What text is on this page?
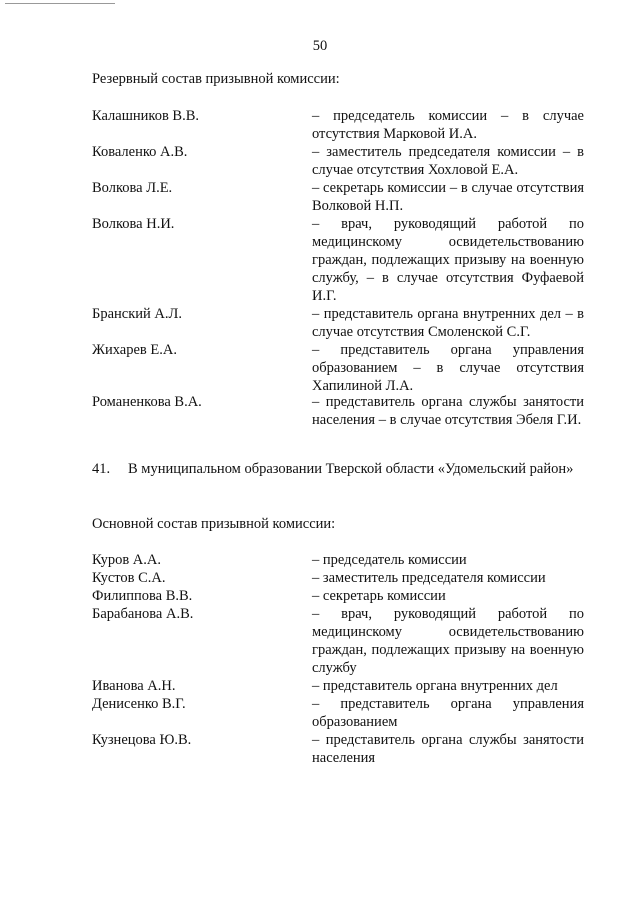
50
Резервный состав призывной комиссии:
Калашников В.В.	– председатель комиссии – в случае отсутствия Марковой И.А.
Коваленко А.В.	– заместитель председателя комиссии – в случае отсутствия Хохловой Е.А.
Волкова Л.Е.	– секретарь комиссии – в случае отсутствия Волковой Н.П.
Волкова Н.И.	– врач, руководящий работой по медицинскому освидетельствованию граждан, подлежащих призыву на военную службу, – в случае отсутствия Фуфаевой И.Г.
Бранский А.Л.	– представитель органа внутренних дел – в случае отсутствия Смоленской С.Г.
Жихарев Е.А.	– представитель органа управления образованием – в случае отсутствия Хапилиной Л.А.
Романенкова В.А.	– представитель органа службы занятости населения – в случае отсутствия Эбеля Г.И.
41. В муниципальном образовании Тверской области «Удомельский район»
Основной состав призывной комиссии:
Куров А.А.	– председатель комиссии
Кустов С.А.	– заместитель председателя комиссии
Филиппова В.В.	– секретарь комиссии
Барабанова А.В.	– врач, руководящий работой по медицинскому освидетельствованию граждан, подлежащих призыву на военную службу
Иванова А.Н.	– представитель органа внутренних дел
Денисенко В.Г.	– представитель органа управления образованием
Кузнецова Ю.В.	– представитель органа службы занятости населения
